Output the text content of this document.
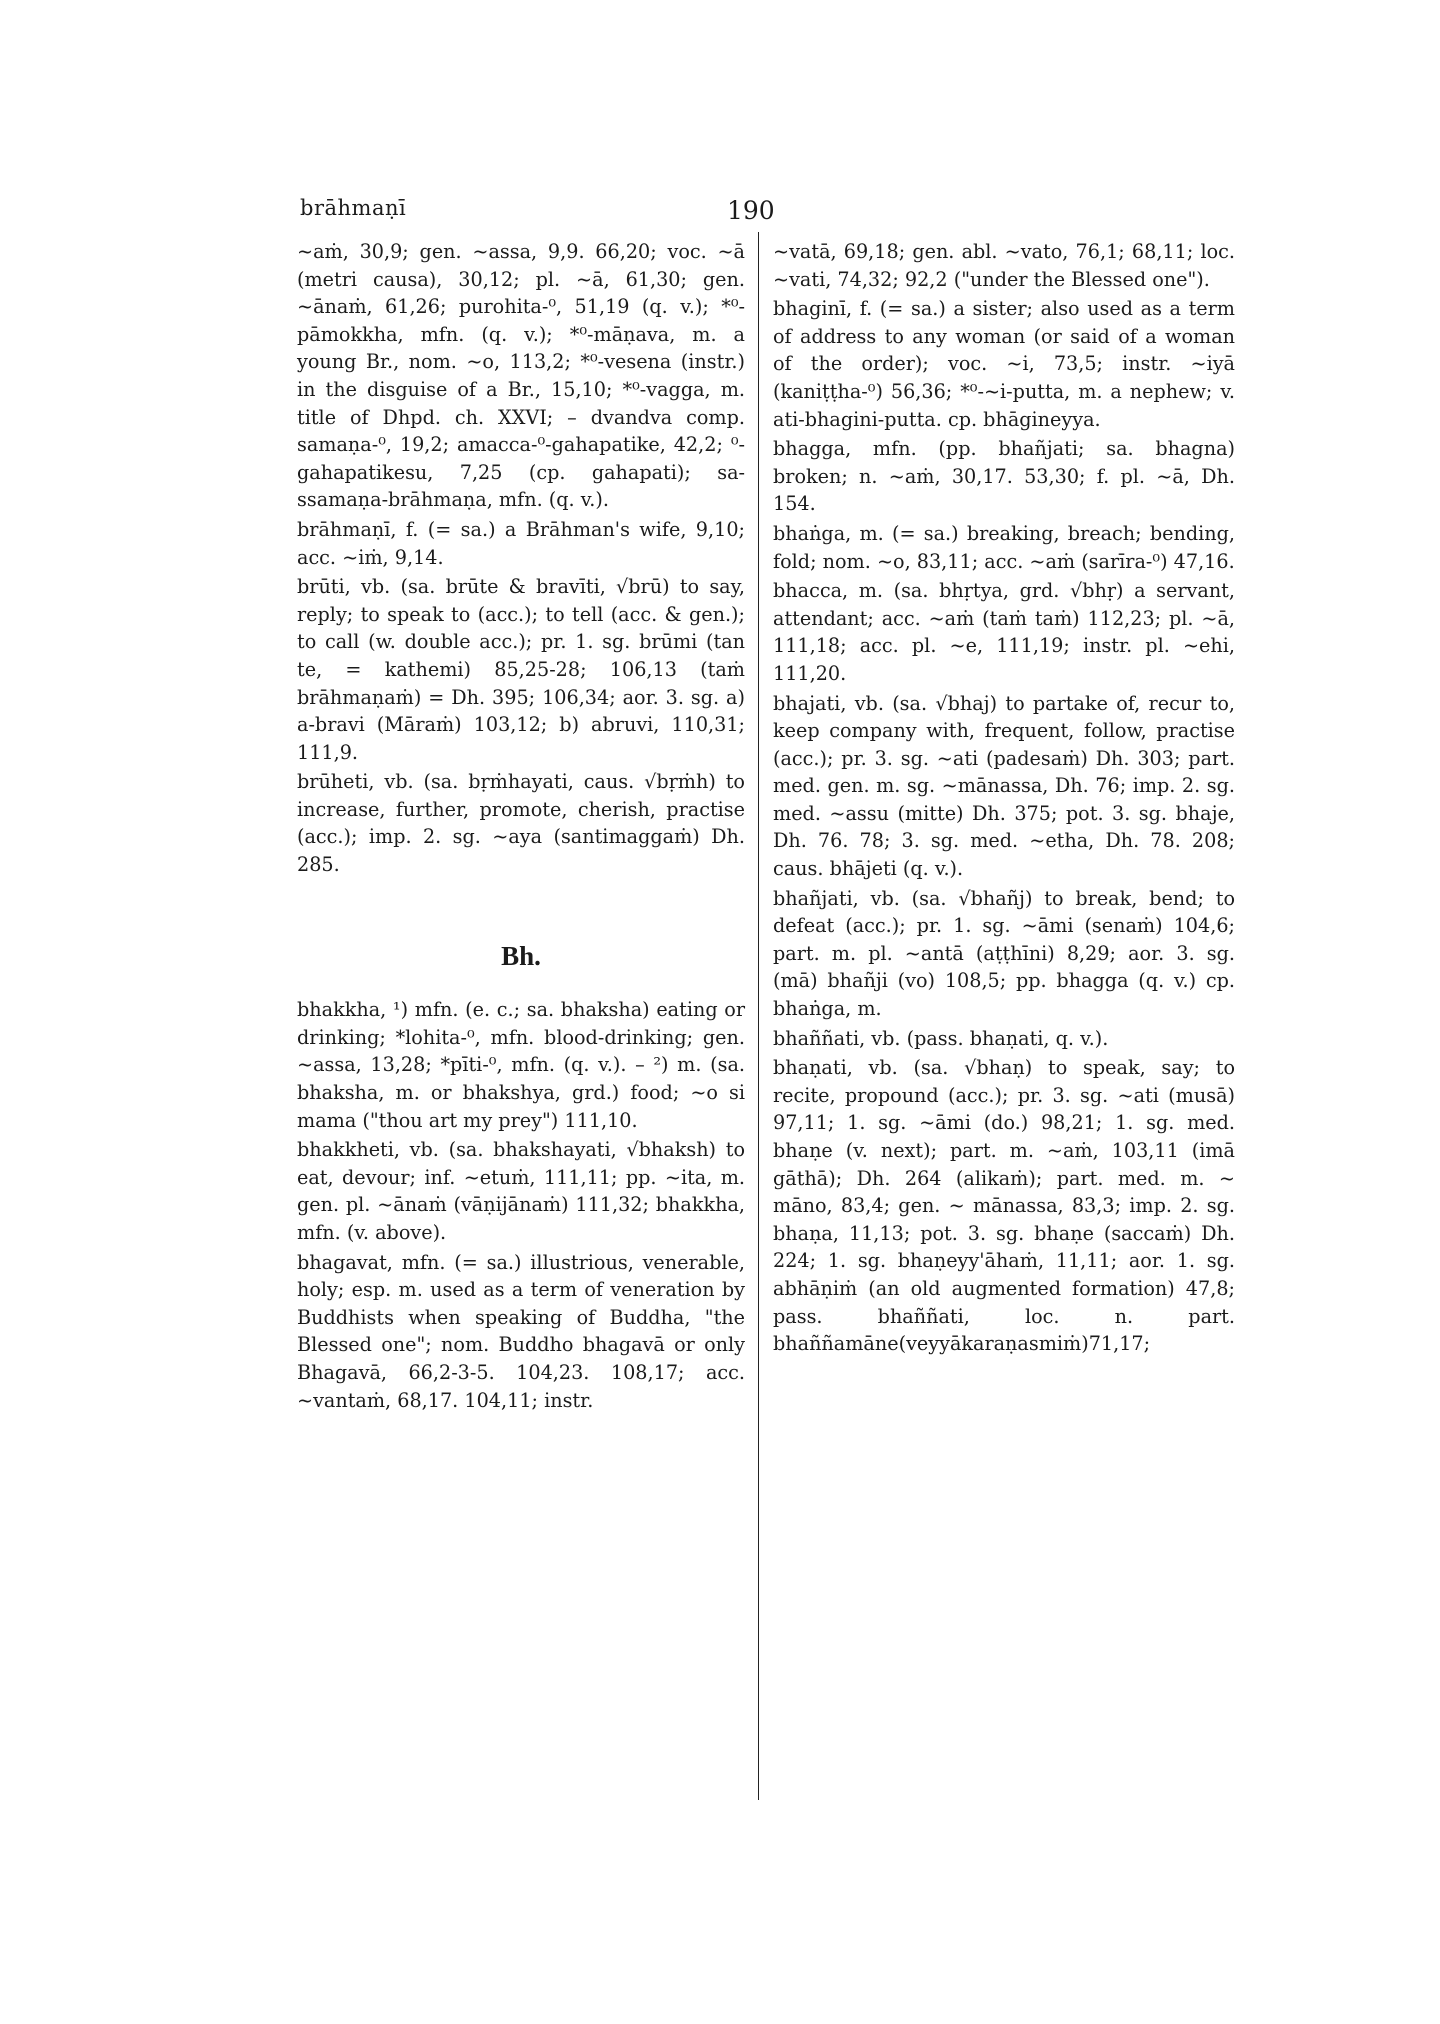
brāhmaṇī	190

~aṁ, 30,9; gen. ~assa, 9,9. 66,20; voc. ~ā (metri causa), 30,12; pl. ~ā, 61,30; gen. ~ānaṁ, 61,26; purohita-⁰, 51,19 (q. v.); *⁰-pāmokkha, mfn. (q. v.); *⁰-māṇava, m. a young Br., nom. ~o, 113,2; *⁰-vesena (instr.) in the disguise of a Br., 15,10; *⁰-vagga, m. title of Dhpd. ch. XXVI; – dvandva comp. samaṇa-⁰, 19,2; amacca-⁰-gahapatike, 42,2; ⁰-gahapatikesu, 7,25 (cp. gahapati); sa-ssamaṇa-brāhmaṇa, mfn. (q. v.).

brāhmaṇī, f. (= sa.) a Brāhman's wife, 9,10; acc. ~iṁ, 9,14.

brūti, vb. (sa. brūte & bravīti, √brū) to say, reply; to speak to (acc.); to tell (acc. & gen.); to call (w. double acc.); pr. 1. sg. brūmi (tan te, = kathemi) 85,25-28; 106,13 (taṁ brāhmaṇaṁ) = Dh. 395; 106,34; aor. 3. sg. a) a-bravi (Māraṁ) 103,12; b) abruvi, 110,31; 111,9.

brūheti, vb. (sa. bṛṁhayati, caus. √bṛṁh) to increase, further, promote, cherish, practise (acc.); imp. 2. sg. ~aya (santimaggaṁ) Dh. 285.

Bh.

bhakkha, ¹) mfn. (e. c.; sa. bhaksha) eating or drinking; *lohita-⁰, mfn. blood-drinking; gen. ~assa, 13,28; *pīti-⁰, mfn. (q. v.). – ²) m. (sa. bhaksha, m. or bhakshya, grd.) food; ~o si mama ("thou art my prey") 111,10.

bhakkheti, vb. (sa. bhakshayati, √bhaksh) to eat, devour; inf. ~etuṁ, 111,11; pp. ~ita, m. gen. pl. ~ānaṁ (vāṇijānaṁ) 111,32; bhakkha, mfn. (v. above).

bhagavat, mfn. (= sa.) illustrious, venerable, holy; esp. m. used as a term of veneration by Buddhists when speaking of Buddha, "the Blessed one"; nom. Buddho bhagavā or only Bhagavā, 66,2-3-5. 104,23. 108,17; acc. ~vantaṁ, 68,17. 104,11; instr.

~vatā, 69,18; gen. abl. ~vato, 76,1; 68,11; loc. ~vati, 74,32; 92,2 ("under the Blessed one").

bhaginī, f. (= sa.) a sister; also used as a term of address to any woman (or said of a woman of the order); voc. ~i, 73,5; instr. ~iyā (kaniṭṭha-⁰) 56,36; *⁰-~i-putta, m. a nephew; v. ati-bhagini-putta. cp. bhāgineyya.

bhagga, mfn. (pp. bhañjati; sa. bhagna) broken; n. ~aṁ, 30,17. 53,30; f. pl. ~ā, Dh. 154.

bhaṅga, m. (= sa.) breaking, breach; bending, fold; nom. ~o, 83,11; acc. ~aṁ (sarīra-⁰) 47,16.

bhacca, m. (sa. bhṛtya, grd. √bhṛ) a servant, attendant; acc. ~aṁ (taṁ taṁ) 112,23; pl. ~ā, 111,18; acc. pl. ~e, 111,19; instr. pl. ~ehi, 111,20.

bhajati, vb. (sa. √bhaj) to partake of, recur to, keep company with, frequent, follow, practise (acc.); pr. 3. sg. ~ati (padesaṁ) Dh. 303; part. med. gen. m. sg. ~mānassa, Dh. 76; imp. 2. sg. med. ~assu (mitte) Dh. 375; pot. 3. sg. bhaje, Dh. 76. 78; 3. sg. med. ~etha, Dh. 78. 208; caus. bhājeti (q. v.).

bhañjati, vb. (sa. √bhañj) to break, bend; to defeat (acc.); pr. 1. sg. ~āmi (senaṁ) 104,6; part. m. pl. ~antā (aṭṭhīni) 8,29; aor. 3. sg. (mā) bhañji (vo) 108,5; pp. bhagga (q. v.) cp. bhaṅga, m.

bhaññati, vb. (pass. bhaṇati, q. v.).

bhaṇati, vb. (sa. √bhaṇ) to speak, say; to recite, propound (acc.); pr. 3. sg. ~ati (musā) 97,11; 1. sg. ~āmi (do.) 98,21; 1. sg. med. bhaṇe (v. next); part. m. ~aṁ, 103,11 (imā gāthā); Dh. 264 (alikaṁ); part. med. m. ~ māno, 83,4; gen. ~ mānassa, 83,3; imp. 2. sg. bhaṇa, 11,13; pot. 3. sg. bhaṇe (saccaṁ) Dh. 224; 1. sg. bhaṇeyy'āhaṁ, 11,11; aor. 1. sg. abhāṇiṁ (an old augmented formation) 47,8; pass. bhaññati, loc. n. part. bhaññamāne(veyyākaraṇasmiṁ)71,17;
